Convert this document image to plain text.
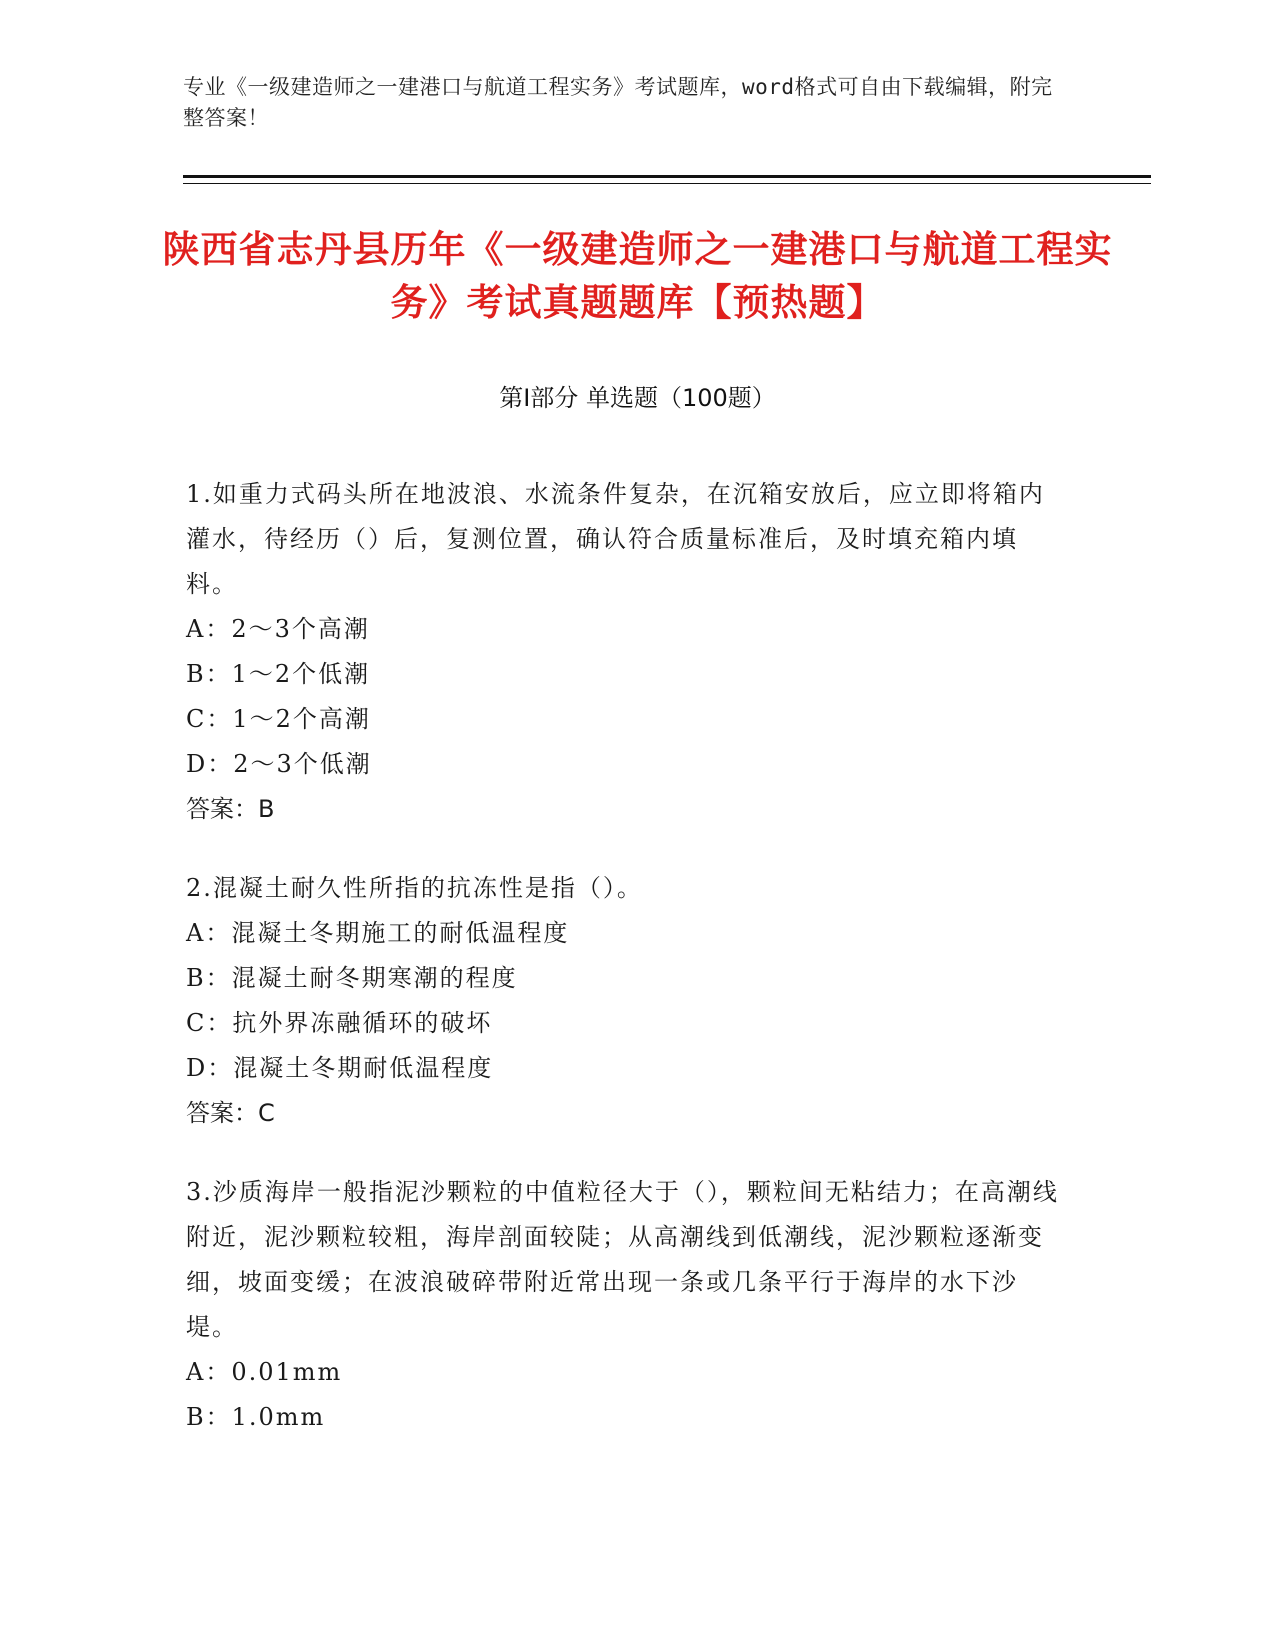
专业《一级建造师之一建港口与航道工程实务》考试题库，word格式可自由下载编辑，附完整答案！
陕西省志丹县历年《一级建造师之一建港口与航道工程实务》考试真题题库【预热题】
第Ⅰ部分 单选题（100题）

1.如重力式码头所在地波浪、水流条件复杂，在沉箱安放后，应立即将箱内灌水，待经历（）后，复测位置，确认符合质量标准后，及时填充箱内填料。

A：2～3个高潮

B：1～2个低潮

C：1～2个高潮

D：2～3个低潮

答案：B

2.混凝土耐久性所指的抗冻性是指（）。

A：混凝土冬期施工的耐低温程度

B：混凝土耐冬期寒潮的程度

C：抗外界冻融循环的破坏

D：混凝土冬期耐低温程度

答案：C

3.沙质海岸一般指泥沙颗粒的中值粒径大于（），颗粒间无粘结力；在高潮线附近，泥沙颗粒较粗，海岸剖面较陡；从高潮线到低潮线，泥沙颗粒逐渐变细，坡面变缓；在波浪破碎带附近常出现一条或几条平行于海岸的水下沙堤。

A：0.01mm

B：1.0mm
